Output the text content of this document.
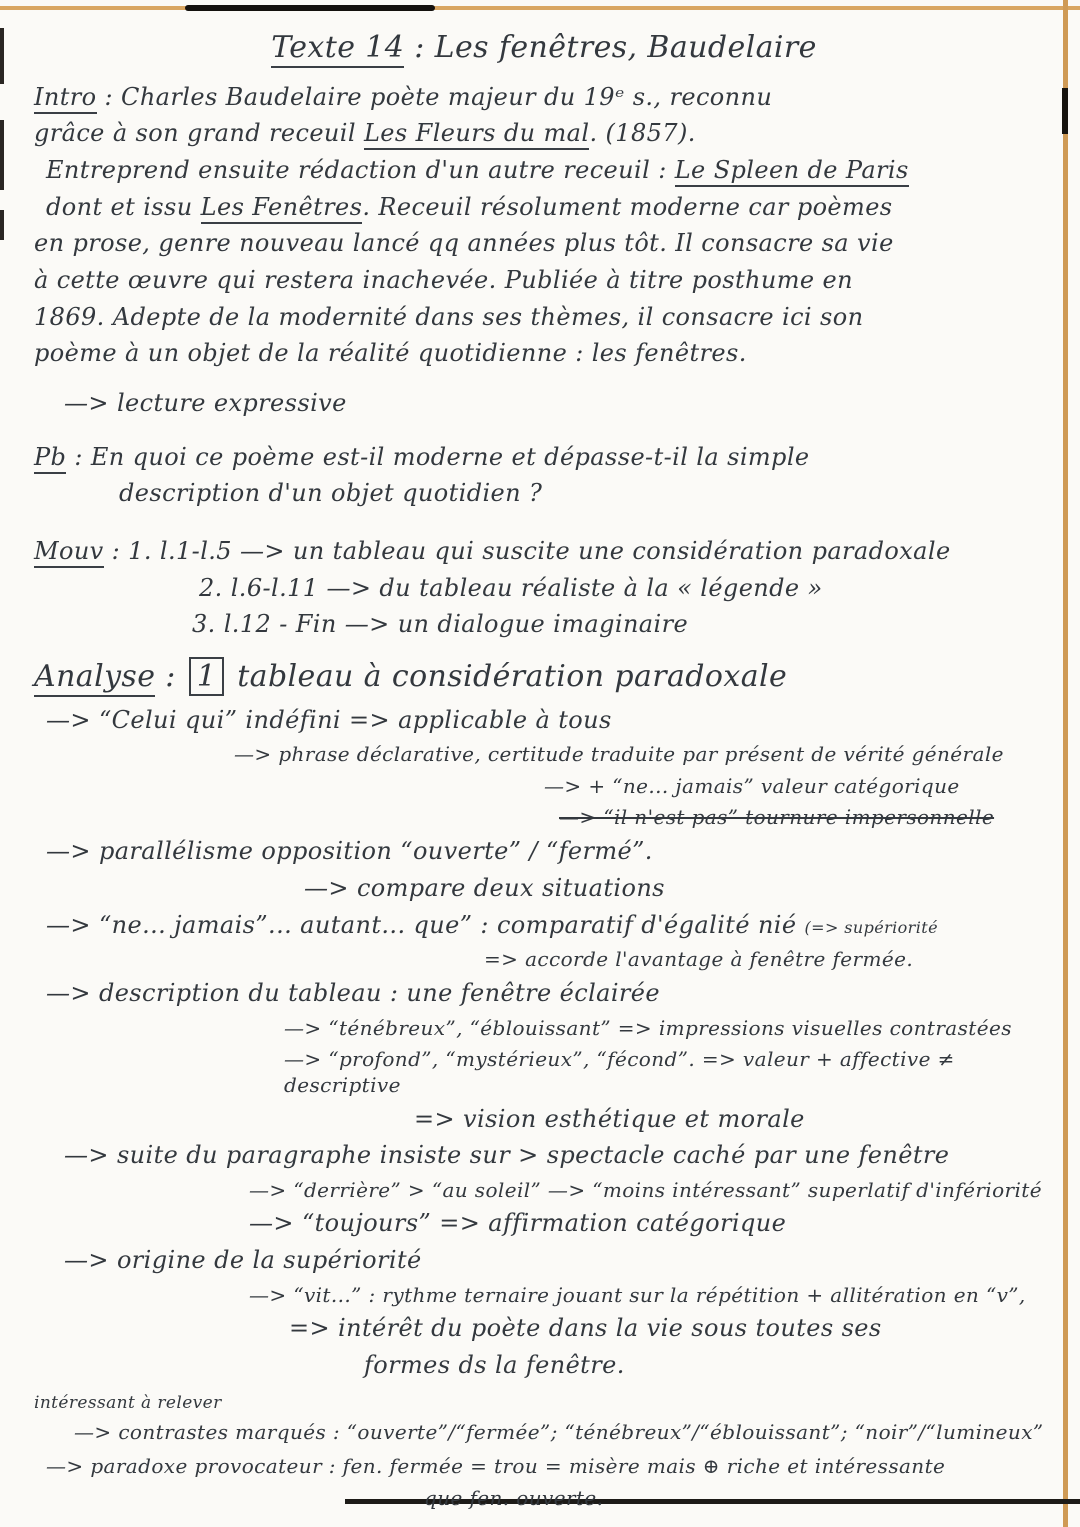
Texte 14 : Les fenêtres, Baudelaire
Intro : Charles Baudelaire poète majeur du 19ᵉ s., reconnu
grâce à son grand receuil Les Fleurs du mal. (1857).
Entreprend ensuite rédaction d'un autre receuil : Le Spleen de Paris
dont et issu Les Fenêtres. Receuil résolument moderne car poèmes
en prose, genre nouveau lancé qq années plus tôt. Il consacre sa vie
à cette œuvre qui restera inachevée. Publiée à titre posthume en
1869. Adepte de la modernité dans ses thèmes, il consacre ici son
poème à un objet de la réalité quotidienne : les fenêtres.
—> lecture expressive
Pb : En quoi ce poème est-il moderne et dépasse-t-il la simple
description d'un objet quotidien ?
Mouv : 1. l.1-l.5 —> un tableau qui suscite une considération paradoxale
2. l.6-l.11 —> du tableau réaliste à la « légende »
3. l.12 - Fin —> un dialogue imaginaire
Analyse : 1 tableau à considération paradoxale
—> “Celui qui” indéfini => applicable à tous
—> phrase déclarative, certitude traduite par présent de vérité générale
—> + “ne... jamais” valeur catégorique
—> “il n'est pas” tournure impersonnelle
—> parallélisme opposition “ouverte” / “fermé”.
—> compare deux situations
—> “ne... jamais”... autant... que” : comparatif d'égalité nié (=> supériorité
=> accorde l'avantage à fenêtre fermée.
—> description du tableau : une fenêtre éclairée
—> “ténébreux”, “éblouissant” => impressions visuelles contrastées
—> “profond”, “mystérieux”, “fécond”. => valeur + affective ≠ descriptive
=> vision esthétique et morale
—> suite du paragraphe insiste sur > spectacle caché par une fenêtre
—> “derrière” > “au soleil” —> “moins intéressant” superlatif d'infériorité
—> “toujours” => affirmation catégorique
—> origine de la supériorité
—> “vit...” : rythme ternaire jouant sur la répétition + allitération en “v”,
=> intérêt du poète dans la vie sous toutes ses
formes ds la fenêtre.
intéressant à relever
—> contrastes marqués : “ouverte”/“fermée”; “ténébreux”/“éblouissant”; “noir”/“lumineux”
—> paradoxe provocateur : fen. fermée = trou = misère mais ⊕ riche et intéressante
que fen. ouverte.
